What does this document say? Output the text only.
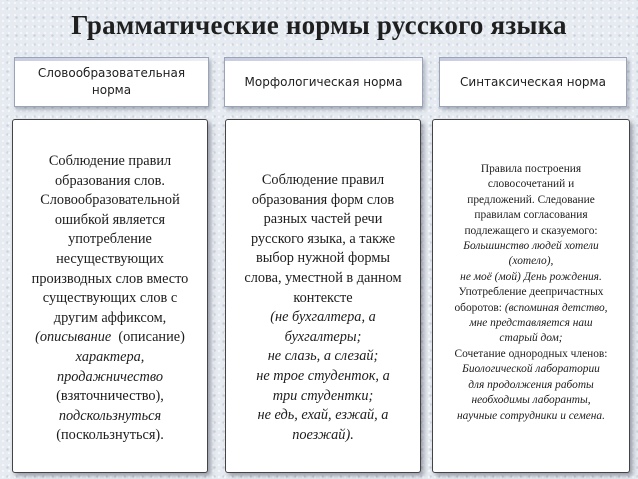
Грамматические нормы русского языка
Словообразовательная
норма
Морфологическая норма	Синтаксическая норма
Соблюдение правил
образования слов.
Словообразовательной
ошибкой является
употребление
несуществующих
производных слов вместо
существующих слов с
другим аффиксом,
(описывание (описание)
характера,
продажничество
(взяточничество),
подскользнуться
(поскользнуться).
Соблюдение правил
образования форм слов
разных частей речи
русского языка, а также
выбор нужной формы
слова, уместной в данном
контексте
(не бухгалтера, а
бухгалтеры;
не слазь, а слезай;
не трое студенток, а
три студентки;
не едь, ехай, езжай, а
поезжай).
Правила построения
словосочетаний и
предложений. Следование
правилам согласования
подлежащего и сказуемого:
Большинство людей хотели
(хотело),
не моё (мой) День рождения.
Употребление деепричастных
оборотов: (вспоминая детство,
мне представляется наш
старый дом;
Сочетание однородных членов:
Биологической лаборатории
для продолжения работы
необходимы лаборанты,
научные сотрудники и семена.
